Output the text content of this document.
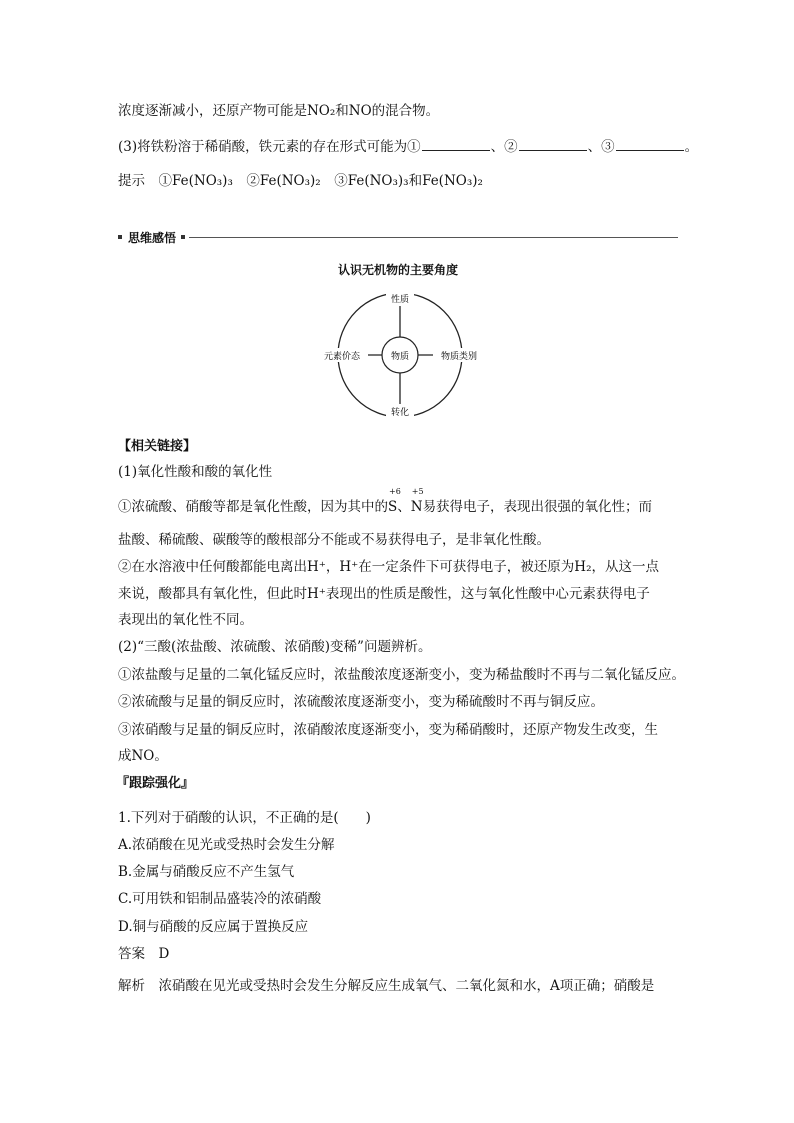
浓度逐渐减小，还原产物可能是NO₂和NO的混合物。
(3)将铁粉溶于稀硝酸，铁元素的存在形式可能为①	、②	、③	。
提示　①Fe(NO₃)₃　②Fe(NO₃)₂　③Fe(NO₃)₃和Fe(NO₃)₂
思维感悟
认识无机物的主要角度
物质
性质
转化
元素价态	物质类别
【相关链接】
(1)氧化性酸和酸的氧化性
①浓硫酸、硝酸等都是氧化性酸，因为其中的
+6
S、
+5
N易获得电子，表现出很强的氧化性；而
盐酸、稀硫酸、碳酸等的酸根部分不能或不易获得电子，是非氧化性酸。
②在水溶液中任何酸都能电离出H⁺，H⁺在一定条件下可获得电子，被还原为H₂，从这一点
来说，酸都具有氧化性，但此时H⁺表现出的性质是酸性，这与氧化性酸中心元素获得电子
表现出的氧化性不同。
(2)“三酸(浓盐酸、浓硫酸、浓硝酸)变稀”问题辨析。
①浓盐酸与足量的二氧化锰反应时，浓盐酸浓度逐渐变小，变为稀盐酸时不再与二氧化锰反应。
②浓硫酸与足量的铜反应时，浓硫酸浓度逐渐变小，变为稀硫酸时不再与铜反应。
③浓硝酸与足量的铜反应时，浓硝酸浓度逐渐变小，变为稀硝酸时，还原产物发生改变，生
成NO。
『跟踪强化』
1.下列对于硝酸的认识，不正确的是(　　)
A.浓硝酸在见光或受热时会发生分解
B.金属与硝酸反应不产生氢气
C.可用铁和铝制品盛装冷的浓硝酸
D.铜与硝酸的反应属于置换反应
答案　D
解析　浓硝酸在见光或受热时会发生分解反应生成氧气、二氧化氮和水，A项正确；硝酸是
